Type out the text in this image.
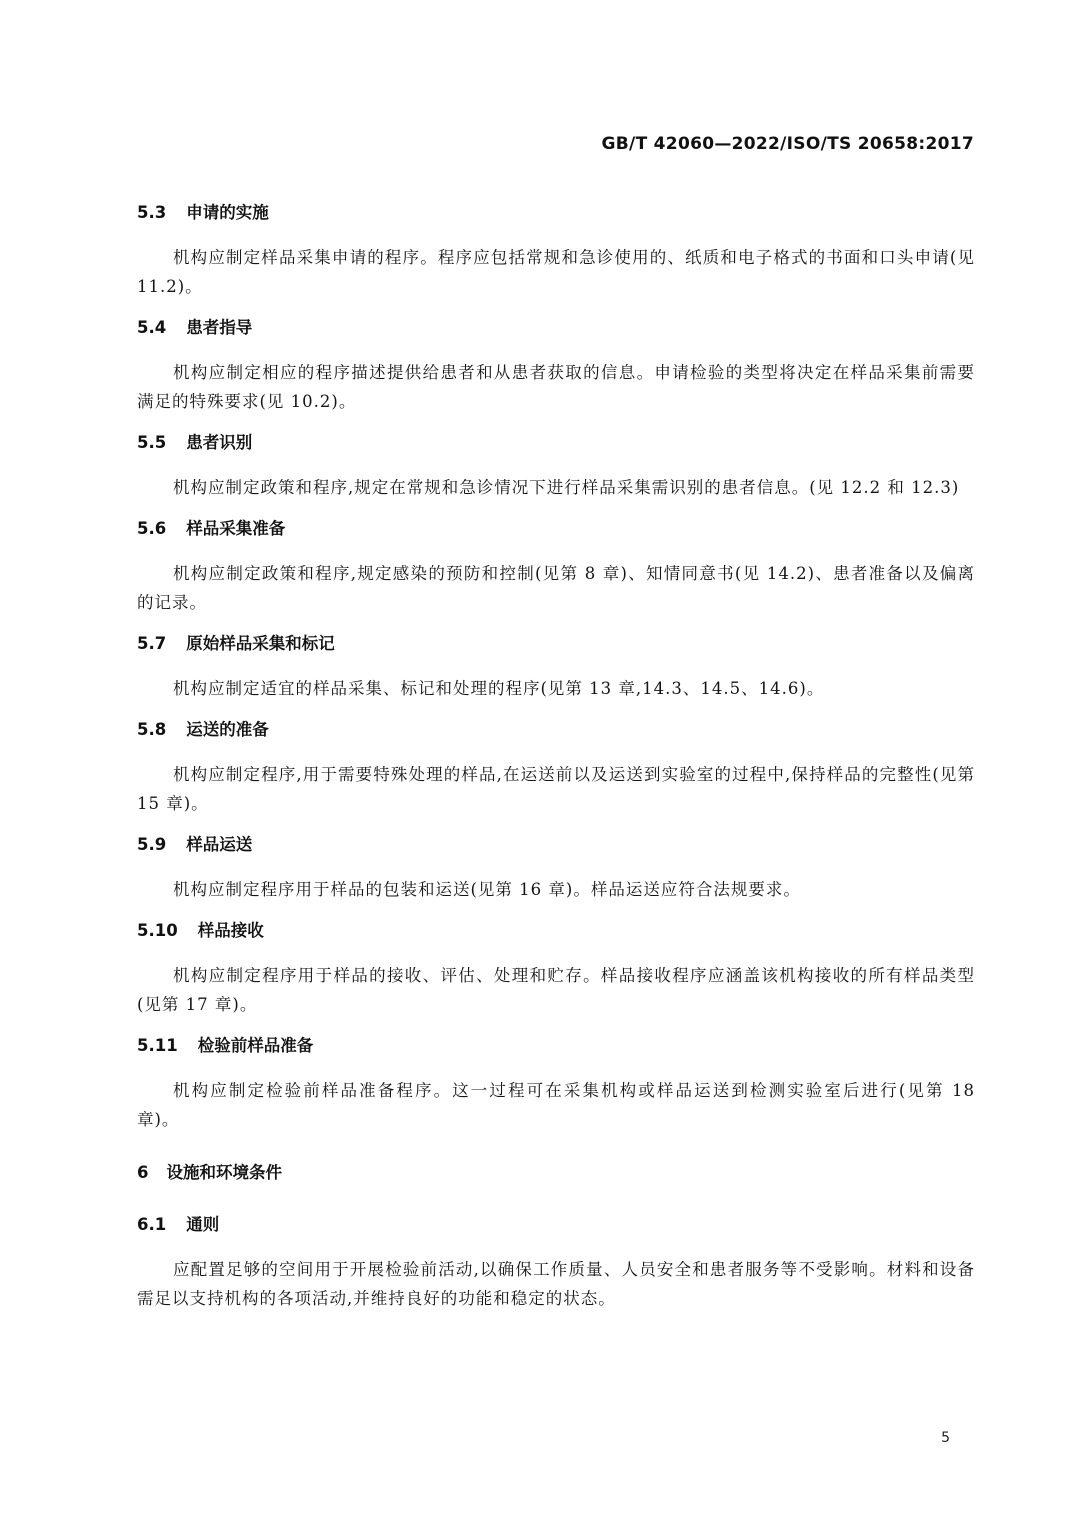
GB/T 42060—2022/ISO/TS 20658:2017
5.3 申请的实施

机构应制定样品采集申请的程序。程序应包括常规和急诊使用的、纸质和电子格式的书面和口头申请(见 11.2)。

5.4 患者指导

机构应制定相应的程序描述提供给患者和从患者获取的信息。申请检验的类型将决定在样品采集前需要满足的特殊要求(见 10.2)。

5.5 患者识别

机构应制定政策和程序,规定在常规和急诊情况下进行样品采集需识别的患者信息。(见 12.2 和 12.3)

5.6 样品采集准备

机构应制定政策和程序,规定感染的预防和控制(见第 8 章)、知情同意书(见 14.2)、患者准备以及偏离的记录。

5.7 原始样品采集和标记

机构应制定适宜的样品采集、标记和处理的程序(见第 13 章,14.3、14.5、14.6)。

5.8 运送的准备

机构应制定程序,用于需要特殊处理的样品,在运送前以及运送到实验室的过程中,保持样品的完整性(见第 15 章)。

5.9 样品运送

机构应制定程序用于样品的包装和运送(见第 16 章)。样品运送应符合法规要求。

5.10 样品接收

机构应制定程序用于样品的接收、评估、处理和贮存。样品接收程序应涵盖该机构接收的所有样品类型(见第 17 章)。

5.11 检验前样品准备

机构应制定检验前样品准备程序。这一过程可在采集机构或样品运送到检测实验室后进行(见第 18 章)。

6 设施和环境条件
6.1 通则

应配置足够的空间用于开展检验前活动,以确保工作质量、人员安全和患者服务等不受影响。材料和设备需足以支持机构的各项活动,并维持良好的功能和稳定的状态。

5
